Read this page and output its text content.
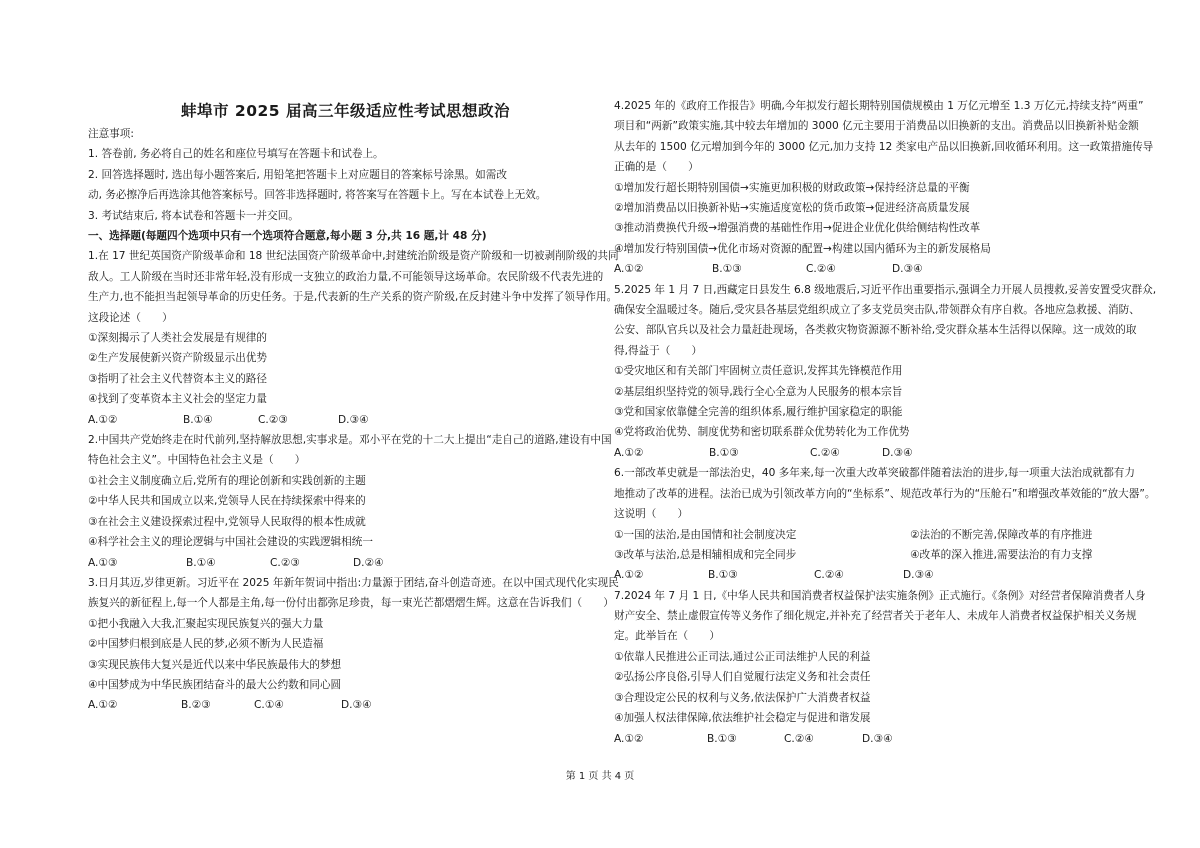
蚌埠市 2025 届高三年级适应性考试思想政治
注意事项:
1. 答卷前, 务必将自己的姓名和座位号填写在答题卡和试卷上。
2. 回答选择题时, 选出每小题答案后, 用铅笔把答题卡上对应题目的答案标号涂黑。如需改
动, 务必擦净后再选涂其他答案标号。回答非选择题时, 将答案写在答题卡上。写在本试卷上无效。
3. 考试结束后, 将本试卷和答题卡一并交回。
一、选择题(每题四个选项中只有一个选项符合题意,每小题 3 分,共 16 题,计 48 分)
1.在 17 世纪英国资产阶级革命和 18 世纪法国资产阶级革命中,封建统治阶级是资产阶级和一切被剥削阶级的共同
敌人。工人阶级在当时还非常年轻,没有形成一支独立的政治力量,不可能领导这场革命。农民阶级不代表先进的
生产力,也不能担当起领导革命的历史任务。于是,代表新的生产关系的资产阶级,在反封建斗争中发挥了领导作用。
这段论述（　　）
①深刻揭示了人类社会发展是有规律的
②生产发展使新兴资产阶级显示出优势
③指明了社会主义代替资本主义的路径
④找到了变革资本主义社会的坚定力量
A.①②	B.①④	C.②③	D.③④
2.中国共产党始终走在时代前列,坚持解放思想,实事求是。邓小平在党的十二大上提出“走自己的道路,建设有中国
特色社会主义”。中国特色社会主义是（　　）
①社会主义制度确立后,党所有的理论创新和实践创新的主题
②中华人民共和国成立以来,党领导人民在持续探索中得来的
③在社会主义建设探索过程中,党领导人民取得的根本性成就
④科学社会主义的理论逻辑与中国社会建设的实践逻辑相统一
A.①③	B.①④	C.②③	D.②④
3.日月其迈,岁律更新。习近平在 2025 年新年贺词中指出:力量源于团结,奋斗创造奇迹。在以中国式现代化实现民
族复兴的新征程上,每一个人都是主角,每一份付出都弥足珍贵，每一束光芒都熠熠生辉。这意在告诉我们（　　）
①把小我融入大我,汇聚起实现民族复兴的强大力量
②中国梦归根到底是人民的梦,必须不断为人民造福
③实现民族伟大复兴是近代以来中华民族最伟大的梦想
④中国梦成为中华民族团结奋斗的最大公约数和同心圆
A.①②	B.②③	C.①④	D.③④
4.2025 年的《政府工作报告》明确,今年拟发行超长期特别国债规模由 1 万亿元增至 1.3 万亿元,持续支持“两重”
项目和“两新”政策实施,其中较去年增加的 3000 亿元主要用于消费品以旧换新的支出。消费品以旧换新补贴金额
从去年的 1500 亿元增加到今年的 3000 亿元,加力支持 12 类家电产品以旧换新,回收循环利用。这一政策措施传导
正确的是（　　）
①增加发行超长期特别国债→实施更加积极的财政政策→保持经济总量的平衡
②增加消费品以旧换新补贴→实施适度宽松的货币政策→促进经济高质量发展
③推动消费换代升级→增强消费的基础性作用→促进企业优化供给侧结构性改革
④增加发行特别国债→优化市场对资源的配置→构建以国内循环为主的新发展格局
A.①②	B.①③	C.②④	D.③④
5.2025 年 1 月 7 日,西藏定日县发生 6.8 级地震后,习近平作出重要指示,强调全力开展人员搜救,妥善安置受灾群众,
确保安全温暖过冬。随后,受灾县各基层党组织成立了多支党员突击队,带领群众有序自救。各地应急救援、消防、
公安、部队官兵以及社会力量赶赴现场，各类救灾物资源源不断补给,受灾群众基本生活得以保障。这一成效的取
得,得益于（　　）
①受灾地区和有关部门牢固树立责任意识,发挥其先锋模范作用
②基层组织坚持党的领导,践行全心全意为人民服务的根本宗旨
③党和国家依靠健全完善的组织体系,履行维护国家稳定的职能
④党将政治优势、制度优势和密切联系群众优势转化为工作优势
A.①②	B.①③	C.②④	D.③④
6.一部改革史就是一部法治史，40 多年来,每一次重大改革突破都伴随着法治的进步,每一项重大法治成就都有力
地推动了改革的进程。法治已成为引领改革方向的“坐标系”、规范改革行为的“压舱石”和增强改革效能的“放大器”。
这说明（　　）
①一国的法治,是由国情和社会制度决定	②法治的不断完善,保障改革的有序推进
③改革与法治,总是相辅相成和完全同步	④改革的深入推进,需要法治的有力支撑
A.①②	B.①③	C.②④	D.③④
7.2024 年 7 月 1 日,《中华人民共和国消费者权益保护法实施条例》正式施行。《条例》对经营者保障消费者人身
财产安全、禁止虚假宣传等义务作了细化规定,并补充了经营者关于老年人、未成年人消费者权益保护相关义务规
定。此举旨在（　　）
①依靠人民推进公正司法,通过公正司法维护人民的利益
②弘扬公序良俗,引导人们自觉履行法定义务和社会责任
③合理设定公民的权利与义务,依法保护广大消费者权益
④加强人权法律保障,依法维护社会稳定与促进和谐发展
A.①②	B.①③	C.②④	D.③④
第 1 页 共 4 页
